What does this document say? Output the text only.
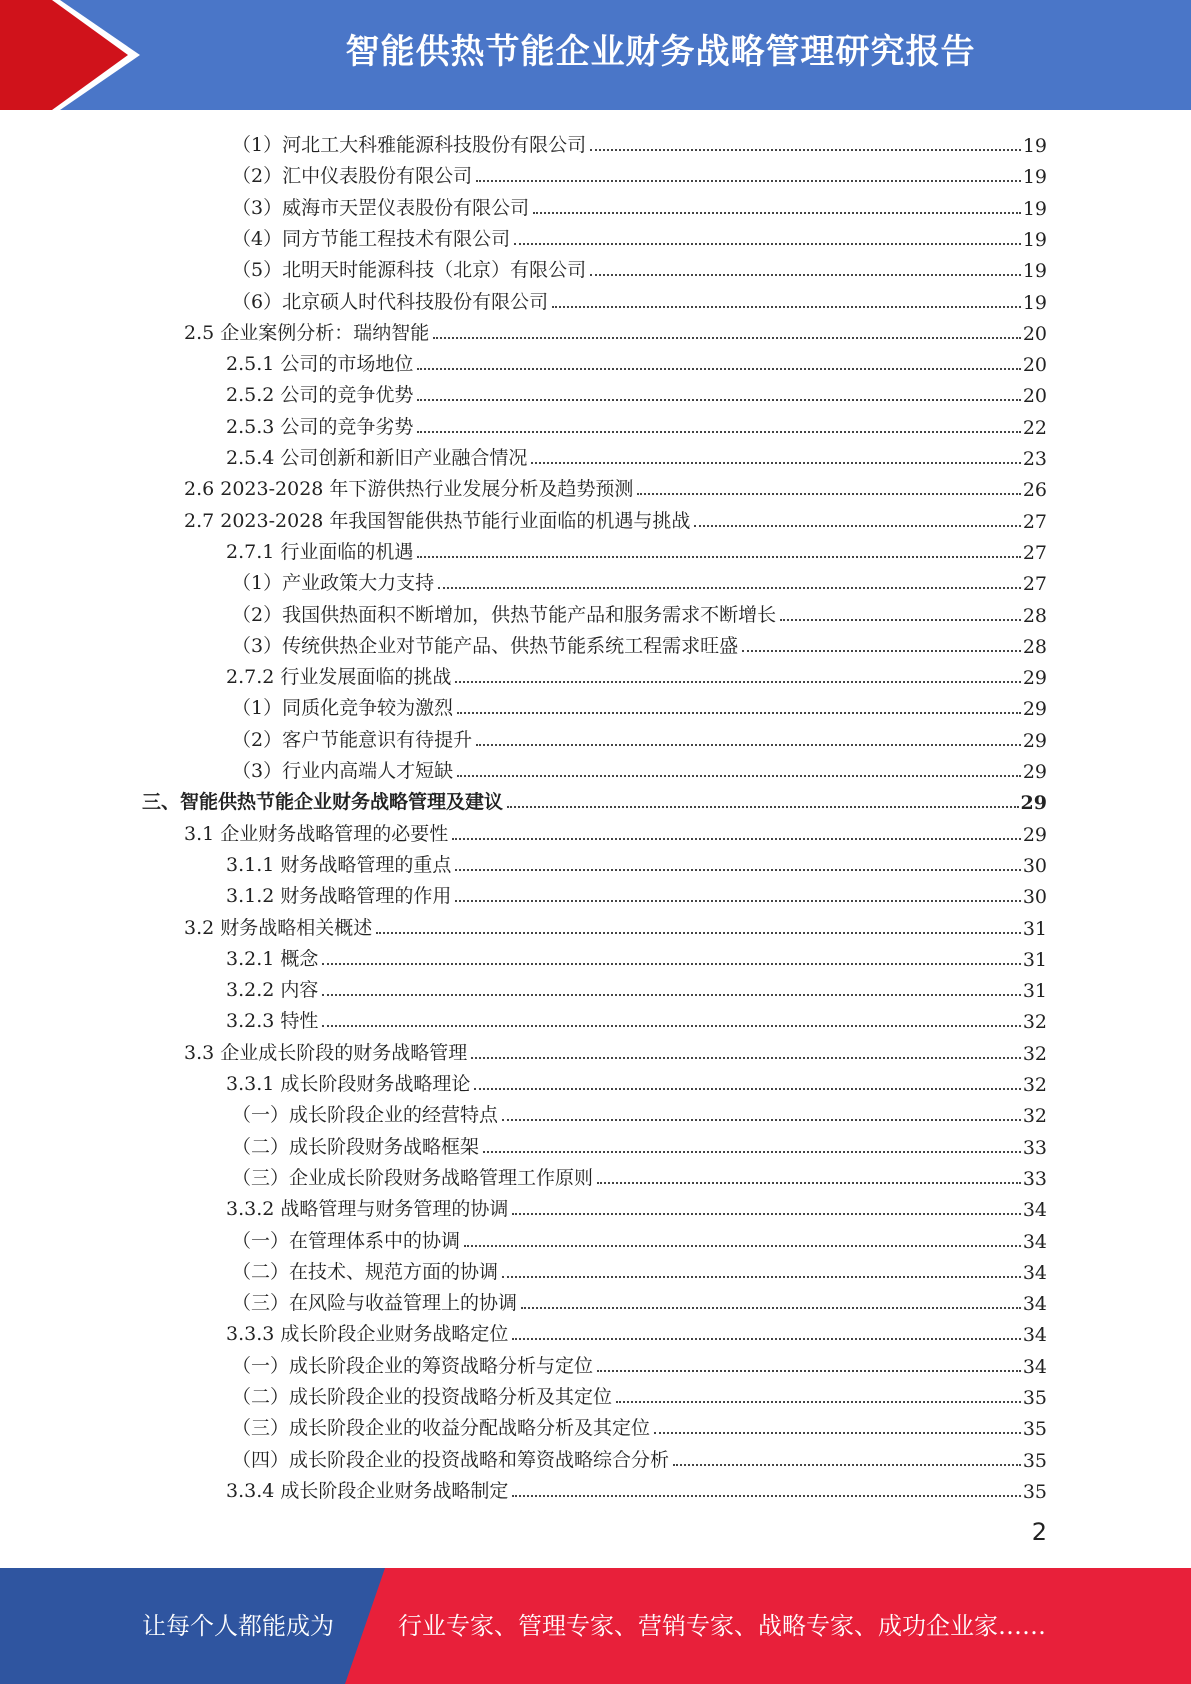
智能供热节能企业财务战略管理研究报告
（1）河北工大科雅能源科技股份有限公司	19
（2）汇中仪表股份有限公司	19
（3）威海市天罡仪表股份有限公司	19
（4）同方节能工程技术有限公司	19
（5）北明天时能源科技（北京）有限公司	19
（6）北京硕人时代科技股份有限公司	19
2.5 企业案例分析：瑞纳智能	20
2.5.1 公司的市场地位	20
2.5.2 公司的竞争优势	20
2.5.3 公司的竞争劣势	22
2.5.4 公司创新和新旧产业融合情况	23
2.6 2023-2028 年下游供热行业发展分析及趋势预测	26
2.7 2023-2028 年我国智能供热节能行业面临的机遇与挑战	27
2.7.1 行业面临的机遇	27
（1）产业政策大力支持	27
（2）我国供热面积不断增加，供热节能产品和服务需求不断增长	28
（3）传统供热企业对节能产品、供热节能系统工程需求旺盛	28
2.7.2 行业发展面临的挑战	29
（1）同质化竞争较为激烈	29
（2）客户节能意识有待提升	29
（3）行业内高端人才短缺	29
三、智能供热节能企业财务战略管理及建议	29
3.1 企业财务战略管理的必要性	29
3.1.1 财务战略管理的重点	30
3.1.2 财务战略管理的作用	30
3.2 财务战略相关概述	31
3.2.1 概念	31
3.2.2 内容	31
3.2.3 特性	32
3.3 企业成长阶段的财务战略管理	32
3.3.1 成长阶段财务战略理论	32
（一）成长阶段企业的经营特点	32
（二）成长阶段财务战略框架	33
（三）企业成长阶段财务战略管理工作原则	33
3.3.2 战略管理与财务管理的协调	34
（一）在管理体系中的协调	34
（二）在技术、规范方面的协调	34
（三）在风险与收益管理上的协调	34
3.3.3 成长阶段企业财务战略定位	34
（一）成长阶段企业的筹资战略分析与定位	34
（二）成长阶段企业的投资战略分析及其定位	35
（三）成长阶段企业的收益分配战略分析及其定位	35
（四）成长阶段企业的投资战略和筹资战略综合分析	35
3.3.4 成长阶段企业财务战略制定	35
2
让每个人都能成为	行业专家、管理专家、营销专家、战略专家、成功企业家……
